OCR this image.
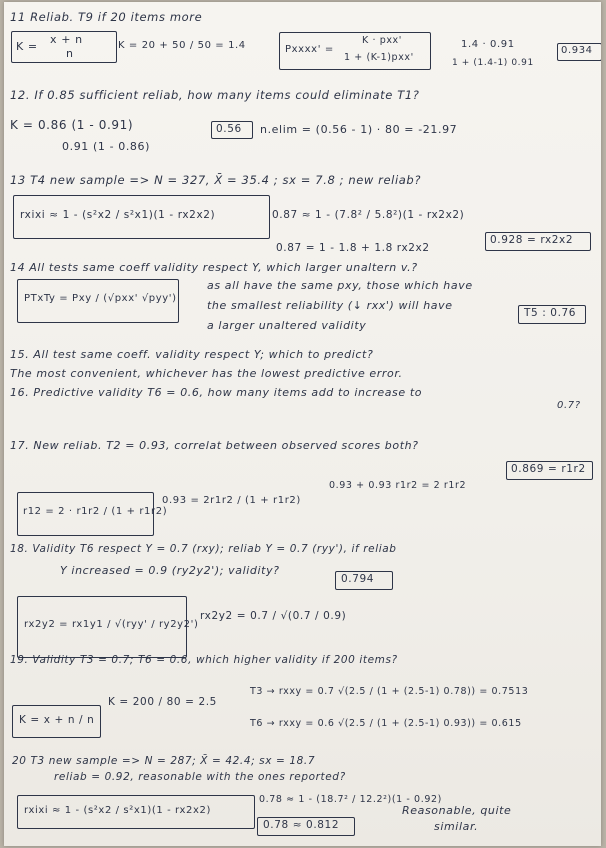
11 Reliab. T9 if 20 items more
K =
x + n
n
K = 20 + 50 / 50 = 1.4	Pxxxx' =
K · pxx'
1 + (K-1)pxx'
1.4 · 0.91
1 + (1.4-1) 0.91
0.934
12. If 0.85 sufficient reliab, how many items could eliminate T1?
K = 0.86 (1 - 0.91)
0.91 (1 - 0.86)
0.56 n.elim = (0.56 - 1) · 80 = -21.97
13 T4 new sample => N = 327, X̄ = 35.4 ; sx = 7.8 ; new reliab?
rxixi ≈ 1 - (s²x2 / s²x1)(1 - rx2x2)	0.87 ≈ 1 - (7.8² / 5.8²)(1 - rx2x2)
0.87 = 1 - 1.8 + 1.8 rx2x2
0.928 = rx2x2
14 All tests same coeff validity respect Y, which larger unaltern v.?
PTxTy = Pxy / (√pxx' √pyy')
as all have the same pxy, those which have
the smallest reliability (↓ rxx') will have
a larger unaltered validity
T5 : 0.76
15. All test same coeff. validity respect Y; which to predict?
The most convenient, whichever has the lowest predictive error.
16. Predictive validity T6 = 0.6, how many items add to increase to
0.7?
17. New reliab. T2 = 0.93, correlat between observed scores both?
r12 = 2 · r1r2 / (1 + r1r2)
0.93 = 2r1r2 / (1 + r1r2)
0.93 + 0.93 r1r2 = 2 r1r2
0.869 = r1r2
18. Validity T6 respect Y = 0.7 (rxy); reliab Y = 0.7 (ryy'), if reliab
Y increased = 0.9 (ry2y2'); validity?
rx2y2 = rx1y1 / √(ryy' / ry2y2')
rx2y2 = 0.7 / √(0.7 / 0.9)
0.794
19. Validity T3 = 0.7; T6 = 0.6, which higher validity if 200 items?
K = x + n / n
K = 200 / 80 = 2.5
T3 → rxxy = 0.7 √(2.5 / (1 + (2.5-1) 0.78)) = 0.7513
T6 → rxxy = 0.6 √(2.5 / (1 + (2.5-1) 0.93)) = 0.615
20 T3 new sample => N = 287; X̄ = 42.4; sx = 18.7
reliab = 0.92, reasonable with the ones reported?
rxixi ≈ 1 - (s²x2 / s²x1)(1 - rx2x2)
0.78 ≈ 1 - (18.7² / 12.2²)(1 - 0.92)
0.78 ≈ 0.812
Reasonable, quite
similar.
